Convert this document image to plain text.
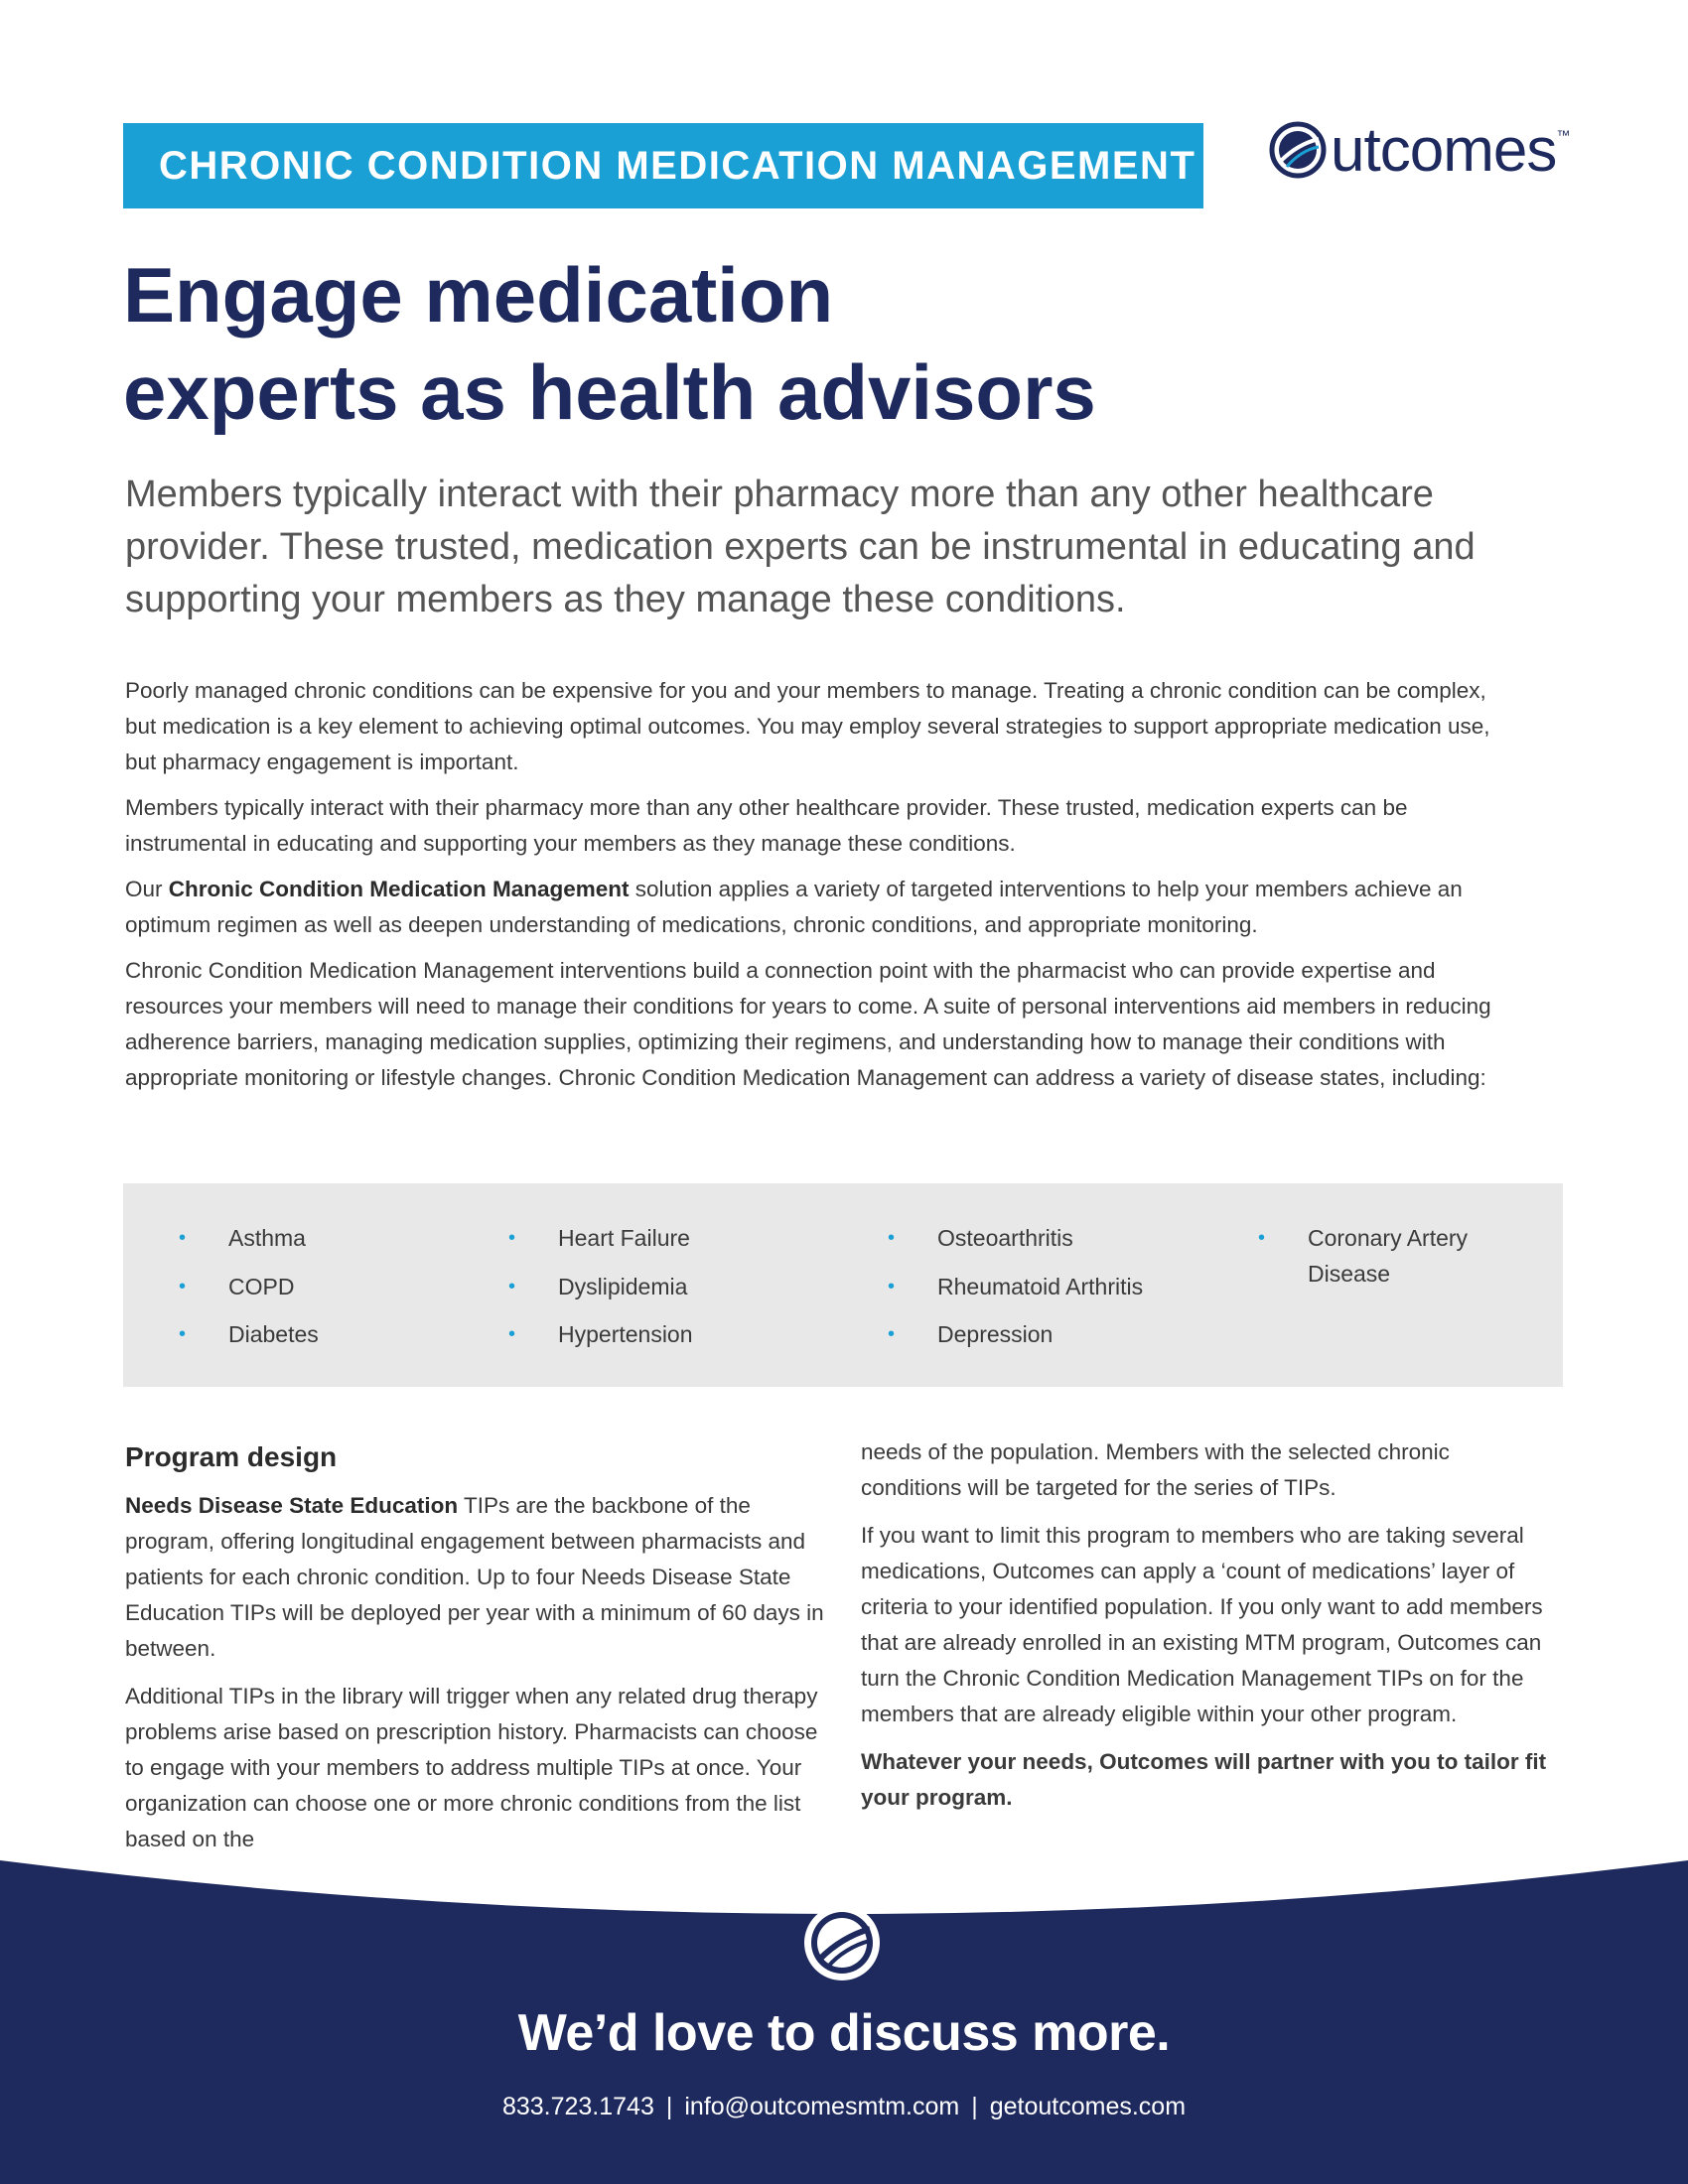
CHRONIC CONDITION MEDICATION MANAGEMENT utcomes ™
Engage medication
experts as health advisors

Members typically interact with their pharmacy more than any other healthcare provider. These trusted, medication experts can be instrumental in educating and supporting your members as they manage these conditions.

Poorly managed chronic conditions can be expensive for you and your members to manage. Treating a chronic condition can be complex, but medication is a key element to achieving optimal outcomes. You may employ several strategies to support appropriate medication use, but pharmacy engagement is important.

Members typically interact with their pharmacy more than any other healthcare provider. These trusted, medication experts can be instrumental in educating and supporting your members as they manage these conditions.

Our Chronic Condition Medication Management solution applies a variety of targeted interventions to help your members achieve an optimum regimen as well as deepen understanding of medications, chronic conditions, and appropriate monitoring.

Chronic Condition Medication Management interventions build a connection point with the pharmacist who can provide expertise and resources your members will need to manage their conditions for years to come. A suite of personal interventions aid members in reducing adherence barriers, managing medication supplies, optimizing their regimens, and understanding how to manage their conditions with appropriate monitoring or lifestyle changes. Chronic Condition Medication Management can address a variety of disease states, including:

• Asthma
• COPD
• Diabetes
• Heart Failure
• Dyslipidemia
• Hypertension
• Osteoarthritis
• Rheumatoid Arthritis
• Depression
• Coronary Artery Disease
Program design

Needs Disease State Education TIPs are the backbone of the program, offering longitudinal engagement between pharmacists and patients for each chronic condition. Up to four Needs Disease State Education TIPs will be deployed per year with a minimum of 60 days in between.

Additional TIPs in the library will trigger when any related drug therapy problems arise based on prescription history. Pharmacists can choose to engage with your members to address multiple TIPs at once. Your organization can choose one or more chronic conditions from the list based on the

needs of the population. Members with the selected chronic conditions will be targeted for the series of TIPs.

If you want to limit this program to members who are taking several medications, Outcomes can apply a ‘count of medications’ layer of criteria to your identified population. If you only want to add members that are already enrolled in an existing MTM program, Outcomes can turn the Chronic Condition Medication Management TIPs on for the members that are already eligible within your other program.

Whatever your needs, Outcomes will partner with you to tailor fit your program.

We’d love to discuss more.
833.723.1743 | info@outcomesmtm.com | getoutcomes.com
